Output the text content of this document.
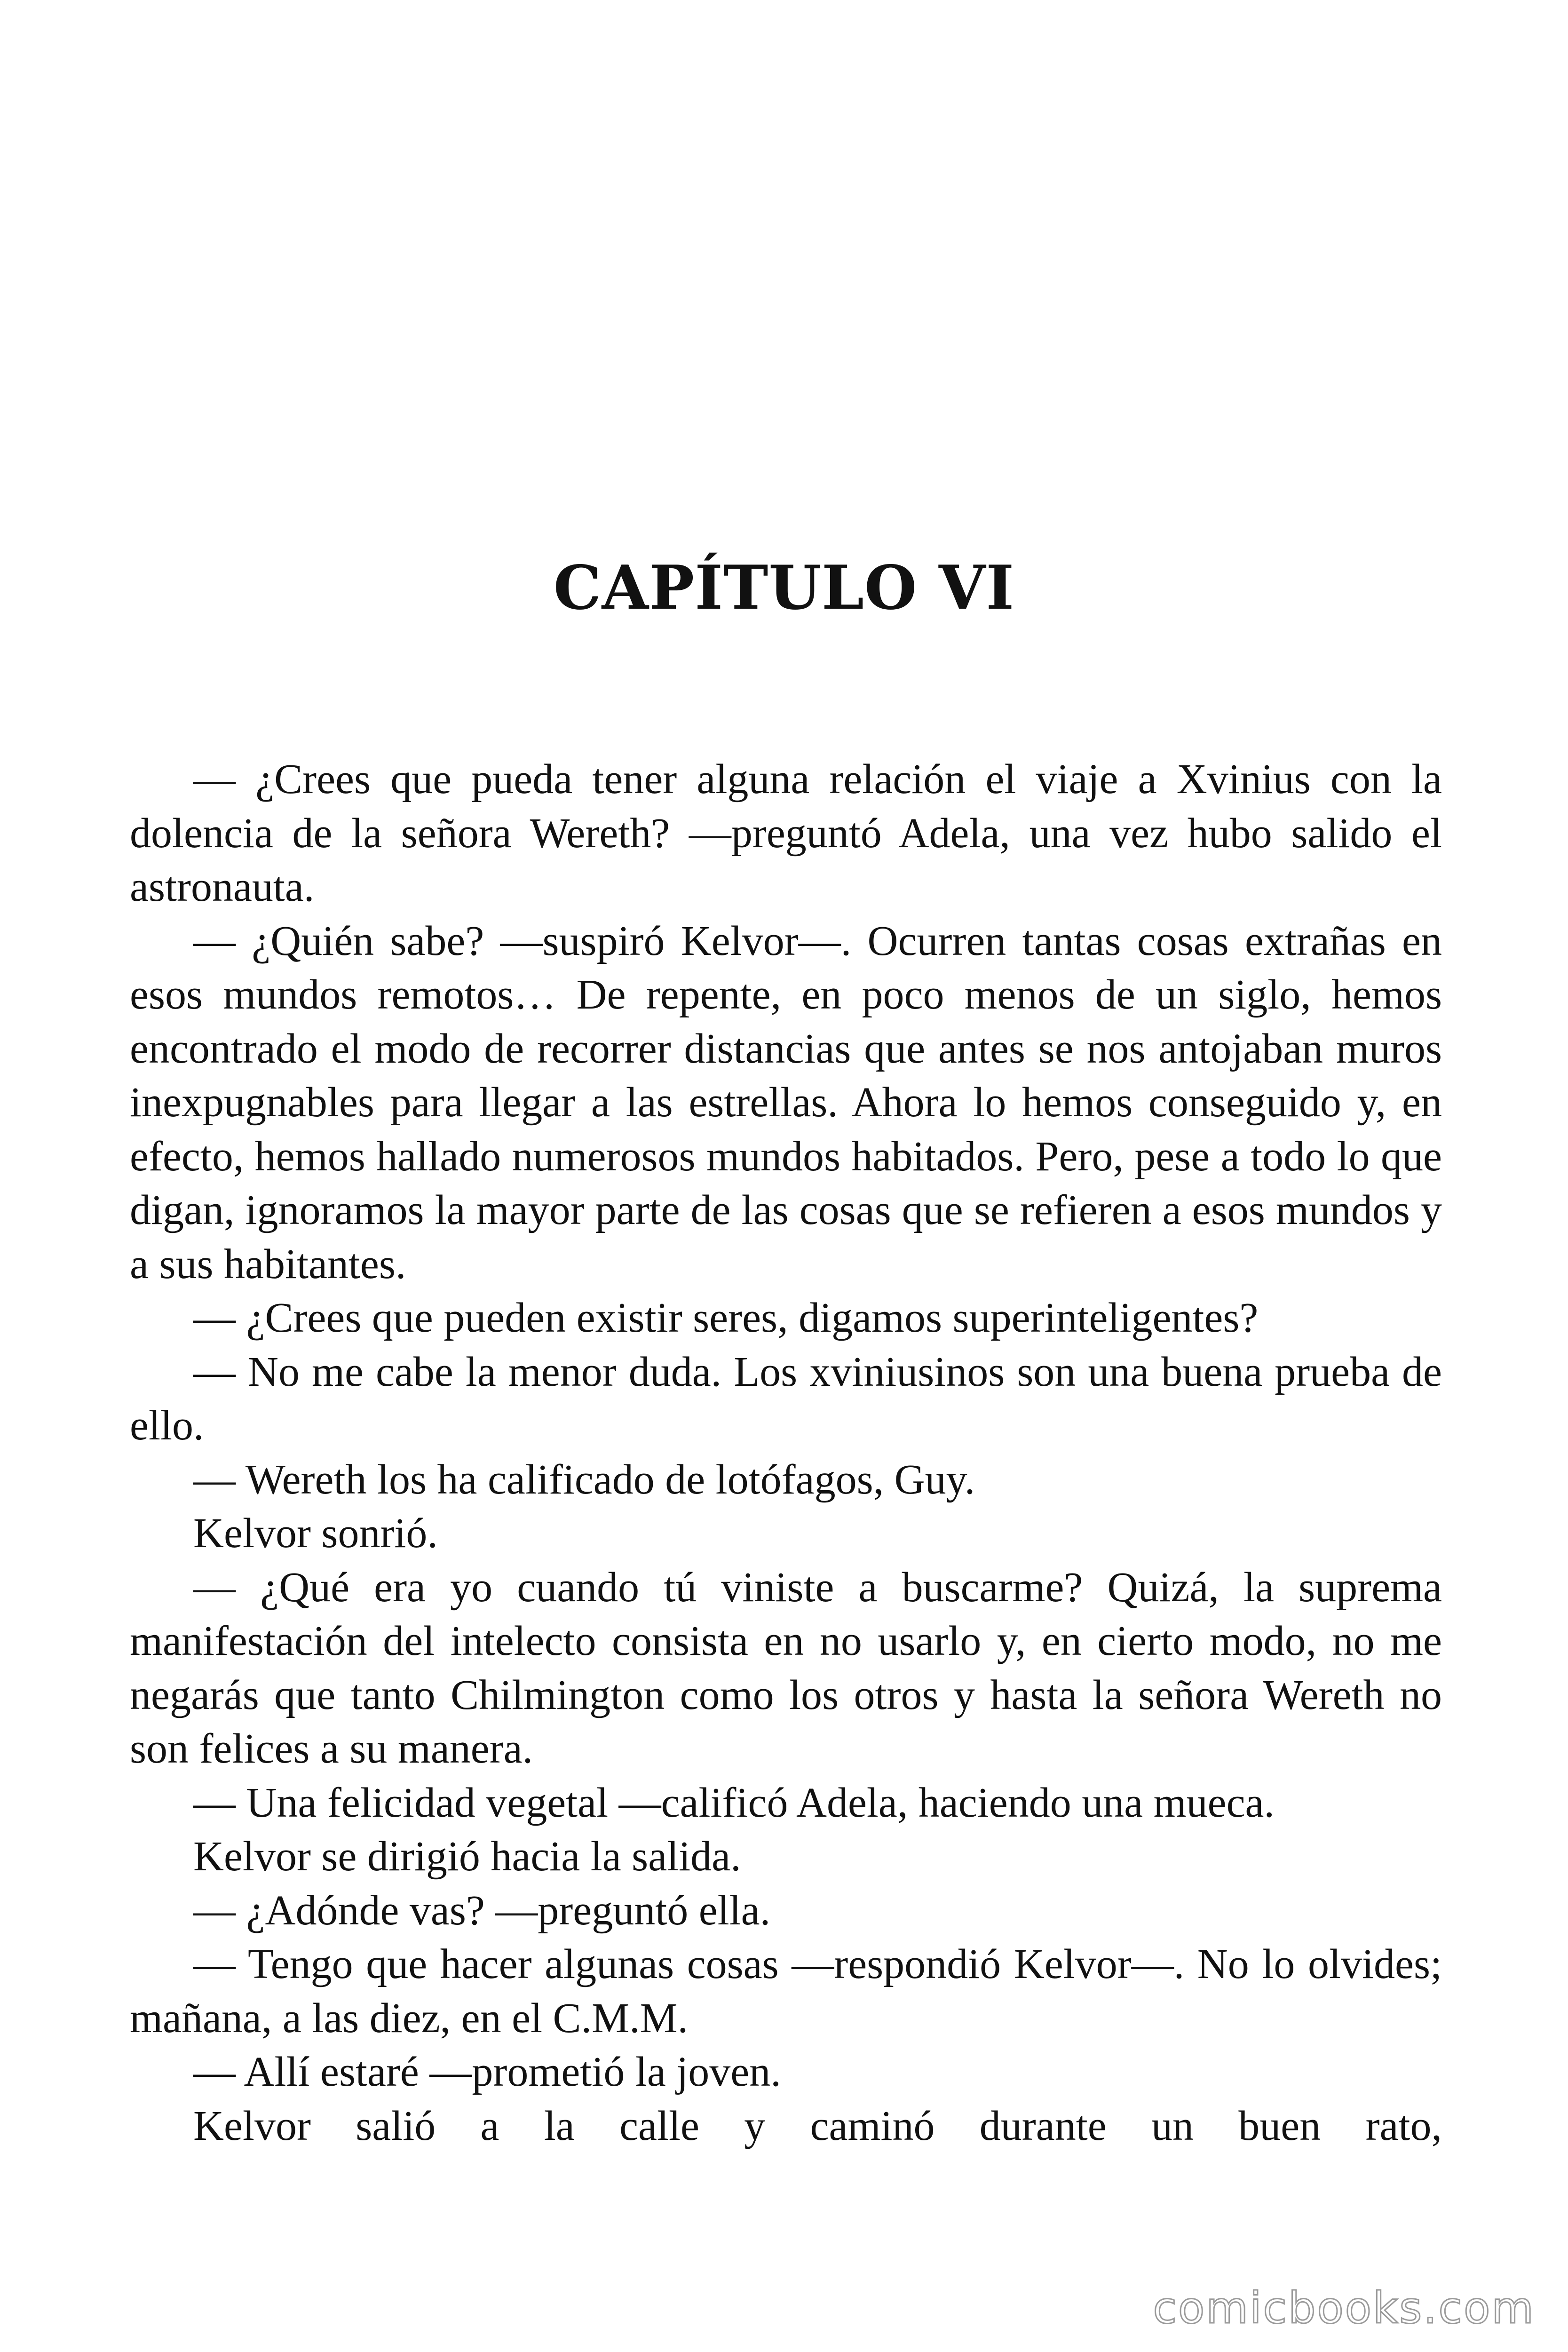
CAPÍTULO VI

— ¿Crees que pueda tener alguna relación el viaje a Xvinius con la dolencia de la señora Wereth? —preguntó Adela, una vez hubo salido el astronauta.

— ¿Quién sabe? —suspiró Kelvor—. Ocurren tantas cosas extrañas en esos mundos remotos… De repente, en poco menos de un siglo, hemos encontrado el modo de recorrer distancias que antes se nos antojaban muros inexpugnables para llegar a las estrellas. Ahora lo hemos conseguido y, en efecto, hemos hallado numerosos mundos habitados. Pero, pese a todo lo que digan, ignoramos la mayor parte de las cosas que se refieren a esos mundos y a sus habitantes.

— ¿Crees que pueden existir seres, digamos superinteligentes?

— No me cabe la menor duda. Los xviniusinos son una buena prueba de ello.

— Wereth los ha calificado de lotófagos, Guy.

Kelvor sonrió.

— ¿Qué era yo cuando tú viniste a buscarme? Quizá, la suprema manifestación del intelecto consista en no usarlo y, en cierto modo, no me negarás que tanto Chilmington como los otros y hasta la señora Wereth no son felices a su manera.

— Una felicidad vegetal —calificó Adela, haciendo una mueca.

Kelvor se dirigió hacia la salida.

— ¿Adónde vas? —preguntó ella.

— Tengo que hacer algunas cosas —respondió Kelvor—. No lo olvides; mañana, a las diez, en el C.M.M.

— Allí estaré —prometió la joven.

Kelvor salió a la calle y caminó durante un buen rato,

comicbooks.com
